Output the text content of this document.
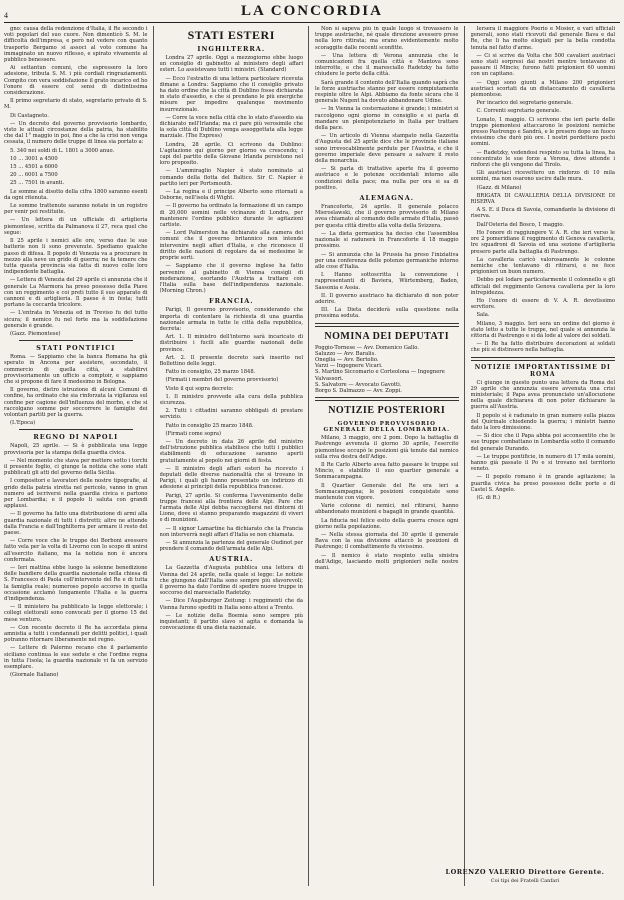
4	LA CONCORDIA

gno: causa della redenzione d'Italia, il Re secondo i voti popolari del suo cuore. Non dimenticò S. M. le difficoltà dell'impresa, e però nel vedere con quanto trasporto Bergamo si associ al voto comune ha immaginato un nuovo riflesso, e spirato vivamente al pubblico benessere.

Ai settantun comuni, che espressero la loro adesione, tributa S. M. i più cordiali ringraziamenti. Compito con vera soddisfazione il grato incarico ed ho l'onore di essere col sensi di distintissima considerazione.

Il primo segretario di stato, segretario privato di S. M.

Di Castagneto.

— Un decreto del governo provvisorio lombardo, visto le attuali circostanze della patria, ha stabilito che dal 1° maggio in poi, fino a che la crisi non venga cessata, il numero delle truppe di linea sia portato a:

5. 340 nei soldi di L. 1801 a 3000 anuo.

10 ... 3001 a 4500

15 ... 4501 a 6000

20 ... 6001 a 7500

25 ... 7501 in avanti.

Le somme al disotto della cifra 1800 saranno esenti da ogni ritenuta.

Le somme trattenute saranno notate in un registro per venir poi restituite.

— Un lettera di un ufficiale di artiglieria piemontese, scritta da Palmanova il 27, reca quel che segue:

Il 25 aprile i nemici alle ore, verso due le sue batterie non li sono prevenute. Spediamo qualche passo di difesa. Il popolo di Venezia va a procurare in mezzo alla neve un grido di guerra; ne fa temere che tutta questa provincia sia fatta di nuovo colle loro indipendente battaglia.

— Lettera di Venezia del 29 aprile ci annunzia che il generale La Marmora ha preso possesso della Piave con un reggimento e coi preti tutto il suo apparato di cannoni e di artiglieria. Il paese è in festa; tutti portano la coccarda tricolore.

— L'entrata in Venezia ed in Treviso fu del tutto sicura; il nemico fu nel forte ma la soddisfazione generale è grande.

(Gazz. Piemontese)

STATI PONTIFICI

Roma. — Sappiamo che la banca Romana ha già sperato in Ancona per assistere, secondato, il commercio di quella città, a stabilirvi provvisoriamente un ufficio a comptoir, e sappiamo che si propone di fare il medesimo in Bologna.

Il governo, dietro istruzione di alcuni Comuni di confine, ha ordinato che sia rinforzata la vigilanza sul confine per cagione dell'influenza del morbo, e che si raccolgano somme per soccorrere le famiglie dei volontari partiti per la guerra.

(L'Epoca)

REGNO DI NAPOLI

Napoli, 25 aprile. — Si è pubblicata una legge provvisoria per la stampa della guardia civica.

— Nel momento che stava per mettere sotto i torchi il presente foglio, ci giunge la notizia che sono stati pubblicati gli atti del governo della Sicilia.

I compositori e lavoratori delle nostre tipografie, al grido della patria stretta nel pericolo, vanno in gran numero ad iscriversi nella guardia civica e partono per Lombardia; e il popolo li saluta con grandi applausi.

— Il governo ha fatto una distribuzione di armi alla guardia nazionale di tutti i distretti; altre ne attende dalla Francia e dall'Inghilterra per armare il resto del paese.

— Corre voce che le truppe dei Borboni avessero fatto vela per la volta di Livorno con lo scopo di unirsi all'esercito italiano, ma la notizia non è ancora confermata.

— Ieri mattina ebbe luogo la solenne benedizione delle bandiere della guardia nazionale nella chiesa di S. Francesco di Paola coll'intervento del Re e di tutta la famiglia reale; numeroso popolo accorso in quella occasione acclamò lungamente l'Italia e la guerra d'indipendenza.

— Il ministero ha pubblicato la legge elettorale; i collegi elettorali sono convocati per il giorno 15 del mese venturo.

— Con recente decreto il Re ha accordata piena amnistia a tutti i condannati per delitti politici, i quali potranno ritornare liberamente nel regno.

— Lettere di Palermo recano che il parlamento siciliano continua le sue sedute e che l'ordine regna in tutta l'isola; la guardia nazionale vi fa un servizio esemplare.

(Giornale Italiano)

STATI ESTERI
INGHILTERRA.

Londra 27 aprile. Oggi a mezzogiorno ebbe luogo un consiglio di gabinetto al ministero degli affari esteri. Lo assistevano tutti i ministri. (Standard)

— Ecco l'estratto di una lettera particolare ricevuta dimane a Londra: Sappiamo che il consiglio privato ha dato ordine che la città di Dublino fosse dichiarata in stato d'assedio, e che si prendano le più energiche misure per impedire qualunque movimento insurrezionale.

— Corre la voce nella città che lo stato d'assedio sia dichiarato nell'Irlanda; ma ci pare più verosimile che la sola città di Dublino venga assoggettata alla legge marziale. (The Express)

Londra, 28 aprile. Ci scrivono da Dublino: L'agitazione qui giorno per giorno va crescendo; i capi del partito della Giovane Irlanda persistono nel loro proposito.

— L'ammiraglio Napier è stato nominato al comando della flotta del Baltico. Sir C. Napier è partito ieri per Portsmouth.

— La regina e il principe Alberto sono ritornati a Osborne, nell'isola di Wight.

— Il governo ha ordinato la formazione di un campo di 20,000 uomini nelle vicinanze di Londra, per mantenere l'ordine pubblico durante le agitazioni cartiste.

— Lord Palmerston ha dichiarato alla camera dei comuni che il governo britannico non intende intervenire negli affari d'Italia, e che riconosce il diritto delle nazioni di regolare da sé medesime le proprie sorti.

— Sappiamo che il governo inglese ha fatto pervenire al gabinetto di Vienna consigli di moderazione, esortando l'Austria a trattare con l'Italia sulla base dell'indipendenza nazionale. (Morning Chron.)

FRANCIA.

Parigi, Il governo provvisorio, considerando che importa di contentare la richiesta di una guardia nazionale armata in tutte le città della repubblica, decreta:

Art. 1. Il ministro dell'interno sarà incaricato di distribuire i fucili alle guardie nazionali delle province.

Art. 2. Il presente decreto sarà inserito nel Bollettino delle leggi.

Fatto in consiglio, 25 marzo 1848.

(Firmati i membri del governo provvisorio)

Visto il qui sopra decreto:

1. Il ministro provvede alla cura della pubblica sicurezza.

2. Tutti i cittadini saranno obbligati di prestare servizio.

Fatto in consiglio 25 marzo 1848.

(Firmati come sopra)

— Un decreto in data 26 aprile del ministro dell'istruzione pubblica stabilisce che tutti i pubblici stabilimenti di educazione saranno aperti gratuitamente al popolo nei giorni di festa.

— Il ministro degli affari esteri ha ricevuto i deputati delle diverse nazionalità che si trovano in Parigi, i quali gli hanno presentato un indirizzo di adesione ai principii della repubblica francese.

Parigi, 27 aprile. Si conferma l'avvenimento delle truppe francesi alla frontiera delle Alpi. Pare che l'armata delle Alpi debba raccogliersi nei dintorni di Lione, dove si stanno preparando magazzini di viveri e di munizioni.

— Il signor Lamartine ha dichiarato che la Francia non interverrà negli affari d'Italia se non chiamata.

— Si annunzia la partenza del generale Oudinot per prendere il comando dell'armata delle Alpi.

AUSTRIA.

La Gazzetta d'Augusta pubblica una lettera di Vienna del 24 aprile, nella quale si legge: Le notizie che giungono dall'Italia sono sempre più sfavorevoli; il governo ha dato l'ordine di spedire nuove truppe in soccorso del maresciallo Radetzky.

— Dice l'Augsburger Zeitung: i reggimenti che da Vienna furono spediti in Italia sono attesi a Trento.

— Le notizie della Boemia sono sempre più inquietanti; il partito slavo si agita e domanda la convocazione di una dieta nazionale.

Non si sapeva più in quale luogo si trovassero le truppe austriache, né quale direzione avessero prese nella loro ritirata; ma erano evidentemente molto scoraggite dalle recenti sconfitte.

— Una lettera di Verona annunzia che le comunicazioni fra quella città e Mantova sono interrotte, e che il maresciallo Radetzky ha fatto chiudere le porte della città.

Sarà grande il contento dell'Italia quando saprà che le forze austriache stanno per essere compiutamente respinte oltre le Alpi. Abbiamo da fonte sicura che il generale Nugent ha dovuto abbandonare Udine.

— In Vienna la costernazione è grande; i ministri si raccolgono ogni giorno in consiglio e si parla di mandare un plenipotenziario in Italia per trattare della pace.

— Un articolo di Vienna stampato nella Gazzetta d'Augusta del 25 aprile dice che le provincie italiane sono irrevocabilmente perdute per l'Austria, e che il governo imperiale deve pensare a salvare il resto della monarchia.

— Si parla di trattative aperte fra il governo austriaco e le potenze occidentali intorno alle condizioni della pace; ma nulla per ora si sa di positivo.

ALEMAGNA.

Francoforte, 24 aprile. Il generale polacco Mieroslawski, che il governo provvisorio di Milano avea chiamato al comando delle armate d'Italia, passò per questa città diretto alla volta della Svizzera.

— La dieta germanica ha deciso che l'assemblea nazionale si radunerà in Francoforte il 18 maggio prossimo.

— Si annunzia che la Prussia ha preso l'iniziativa per una conferenza delle potenze germaniche intorno alle cose d'Italia.

I. Hanno sottoscritta la convenzione i rappresentanti di Baviera, Würtemberg, Baden, Sassonia e Assia.

II. Il governo austriaco ha dichiarato di non poter aderire.

III. La Dieta deciderà sulla questione nella prossima seduta.

NOMINA DEI DEPUTATI
Poggio-Tornese — Avv. Domenico Gallo.
Saluzzo — Avv. Baralis.
Oneglia — Avv. Bertolio.
Varzi — Ingegnere Vicari.
S. Martino Siccomario e Corteolona — Ingegnere Valvassori.
S. Salvatore — Avvocato Gavotti.
Borgo S. Dalmazzo — Avv. Zoppi.
NOTIZIE POSTERIORI
GOVERNO PROVVISORIO GENERALE DELLA LOMBARDIA.

Milano, 3 maggio, ore 2 pom. Dopo la battaglia di Pastrengo avvenuta il giorno 30 aprile, l'esercito piemontese occupò le posizioni già tenute dal nemico sulla riva destra dell'Adige.

Il Re Carlo Alberto avea fatto passare le truppe sul Mincio, e stabilito il suo quartier generale a Sommacampagna.

Il Quartier Generale del Re era ieri a Sommacampagna; le posizioni conquistate sono mantenute con vigore.

Varie colonne di nemici, nel ritirarsi, hanno abbandonato munizioni e bagagli in grande quantità.

La fiducia nel felice esito della guerra cresce ogni giorno nella popolazione.

— Nella stessa giornata del 30 aprile il generale Bava con la sua divisione attaccò le posizioni di Pastrengo; il combattimento fu vivissimo.

— Il nemico è stato respinto sulla sinistra dell'Adige, lasciando molti prigionieri nelle nostre mani.

Iersera il maggiore Poerio e Mosier, e vari ufficiali generali, sono stati ricevuti dal generale Bava e dal Re, che li ha molto elogiati per la bella condotta tenuta nel fatto d'arme.

— Ci si scrive da Volta che 500 cavalieri austriaci sono stati sorpresi dai nostri mentre tentavano di passare il Mincio; furono fatti prigionieri 60 uomini con un capitano.

— Oggi sono giunti a Milano 200 prigionieri austriaci scortati da un distaccamento di cavalleria piemontese.

Per incarico del segretario generale.

C. Correnti segretario generale.

Lonato, 1 maggio. Ci scrivono che ieri parte delle truppe piemontesi attaccarono le posizioni nemiche presso Pastrengo e Sandrà, e le presero dopo un fuoco vivissimo che durò più ore. I nostri perdettero pochi uomini.

— Radetzky, vedendosi respinto su tutta la linea, ha concentrato le sue forze a Verona, dove attende i rinforzi che gli vengono dal Tirolo.

Gli austriaci ricevettero un rinforzo di 10 mila uomini, ma non osarono uscire dalle mura.

(Gazz. di Milano)

BRIGATA DI CAVALLERIA DELLA DIVISIONE DI RISERVA

A S. E. il Duca di Savoia, comandante la divisione di riserva.

Dall'Osteria del Bosco, 1 maggio.

Ho l'onore di raggiungere V. A. R. che ieri verso le ore 2 pomeridiane il reggimento di Genova cavalleria, tre squadroni di Savoia ed una sezione d'artiglieria presero parte alla battaglia di Pastrengo.

La cavalleria caricò valorosamente le colonne nemiche che tentavano di ritirarsi, e ne fece prigionieri un buon numero.

Debbo poi lodare particolarmente il colonnello e gli ufficiali del reggimento Genova cavalleria per la loro intrepidezza.

Ho l'onore di essere di V. A. R. devotissimo servitore.

Sala.

Milano, 3 maggio. Ieri sera un ordine del giorno è stato letto a tutte le truppe, nel quale si annunzia la vittoria di Pastrengo e si dà lode al valore dei soldati.

— Il Re ha fatto distribuire decorazioni ai soldati che più si distinsero nella battaglia.

NOTIZIE IMPORTANTISSIME DI ROMA

Ci giunge in questo punto una lettera da Roma del 29 aprile che annunzia essere avvenuta una crisi ministeriale; il Papa avea pronunciato un'allocuzione nella quale dichiarava di non poter dichiarare la guerra all'Austria.

Il popolo si è radunato in gran numero sulla piazza del Quirinale chiedendo la guerra; i ministri hanno dato la loro dimissione.

— Si dice che il Papa abbia poi acconsentito che le sue truppe combattano in Lombardia sotto il comando del generale Durando.

— Le truppe pontificie, in numero di 17 mila uomini, hanno già passato il Po e si trovano nel territorio veneto.

— Il popolo romano è in grande agitazione; la guardia civica ha preso possesso delle porte e di Castel S. Angelo.

(G. di R.)

LORENZO VALERIO Direttore Gerente.
Coi tipi dei Fratelli Canfari
